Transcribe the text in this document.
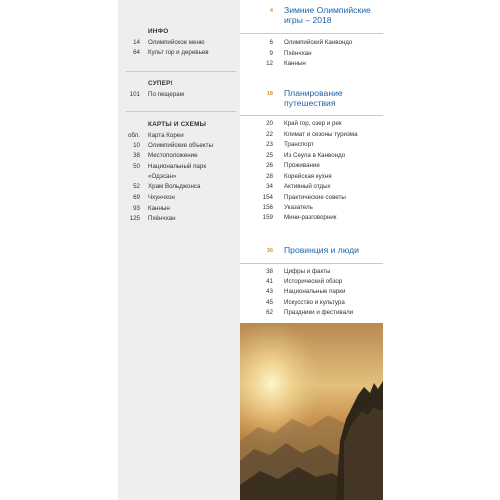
ИНФО
14 Олимпийское меню
64 Культ гор и деревьев
СУПЕР!
101 По пещерам
КАРТЫ И СХЕМЫ
обл. Карта Кореи
10 Олимпийские объекты
38 Местоположение
50 Национальный парк
«Одэсан»
52 Храм Вольджонса
69 Чхунчхон
93 Каннын
125 Пхёнчхан
4 Зимние Олимпийские
игры – 2018
6 Олимпийский Канвондо
9 Пхёнчхан
12 Каннын
18 Планирование
путешествия
20 Край гор, озер и рек
22 Климат и сезоны туризма
23 Транспорт
25 Из Сеула в Канвондо
26 Проживание
28 Корейская кухня
34 Активный отдых
154 Практические советы
156 Указатель
159 Мини-разговорник
36 Провинция и люди
38 Цифры и факты
41 Исторический обзор
43 Национальные парки
45 Искусство и культура
62 Праздники и фестивали
